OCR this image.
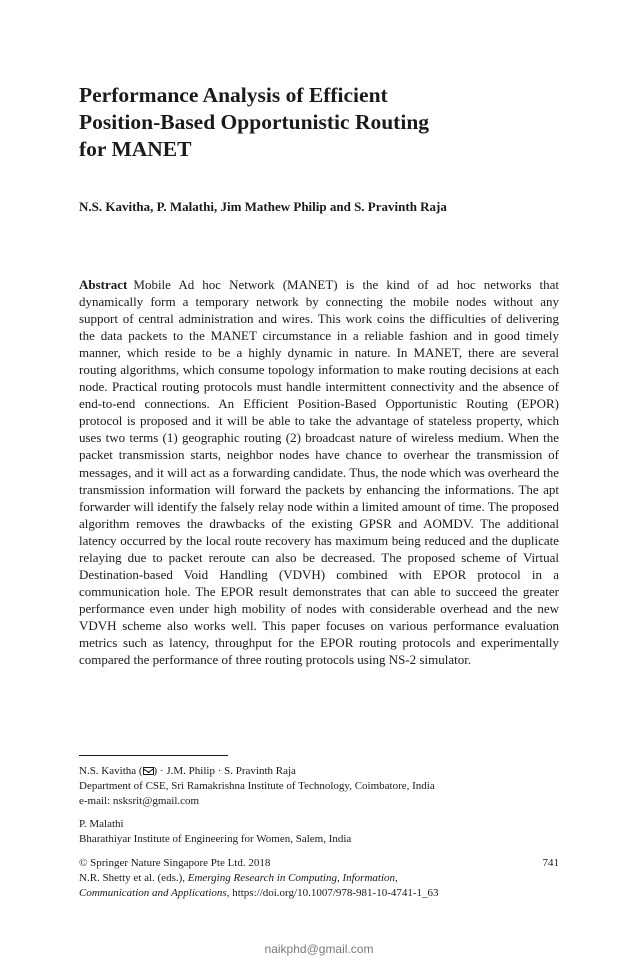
Performance Analysis of Efficient
Position-Based Opportunistic Routing
for MANET
N.S. Kavitha, P. Malathi, Jim Mathew Philip and S. Pravinth Raja
Abstract Mobile Ad hoc Network (MANET) is the kind of ad hoc networks that dynamically form a temporary network by connecting the mobile nodes without any support of central administration and wires. This work coins the difficulties of delivering the data packets to the MANET circumstance in a reliable fashion and in good timely manner, which reside to be a highly dynamic in nature. In MANET, there are several routing algorithms, which consume topology information to make routing decisions at each node. Practical routing protocols must handle intermittent connectivity and the absence of end-to-end connections. An Efficient Position-Based Opportunistic Routing (EPOR) protocol is proposed and it will be able to take the advantage of stateless property, which uses two terms (1) geographic routing (2) broadcast nature of wireless medium. When the packet transmission starts, neighbor nodes have chance to overhear the transmission of messages, and it will act as a forwarding candidate. Thus, the node which was overheard the transmission information will forward the packets by enhancing the informations. The apt forwarder will identify the falsely relay node within a limited amount of time. The proposed algorithm removes the drawbacks of the existing GPSR and AOMDV. The additional latency occurred by the local route recovery has maximum being reduced and the duplicate relaying due to packet reroute can also be decreased. The proposed scheme of Virtual Destination-based Void Handling (VDVH) combined with EPOR protocol in a communication hole. The EPOR result demonstrates that can able to succeed the greater performance even under high mobility of nodes with considerable overhead and the new VDVH scheme also works well. This paper focuses on various performance evaluation metrics such as latency, throughput for the EPOR routing protocols and experimentally compared the performance of three routing protocols using NS-2 simulator.
N.S. Kavitha ( ) · J.M. Philip · S. Pravinth Raja
Department of CSE, Sri Ramakrishna Institute of Technology, Coimbatore, India
e-mail: nsksrit@gmail.com
P. Malathi
Bharathiyar Institute of Engineering for Women, Salem, India
© Springer Nature Singapore Pte Ltd. 2018	741
N.R. Shetty et al. (eds.), Emerging Research in Computing, Information,
Communication and Applications, https://doi.org/10.1007/978-981-10-4741-1_63
naikphd@gmail.com
